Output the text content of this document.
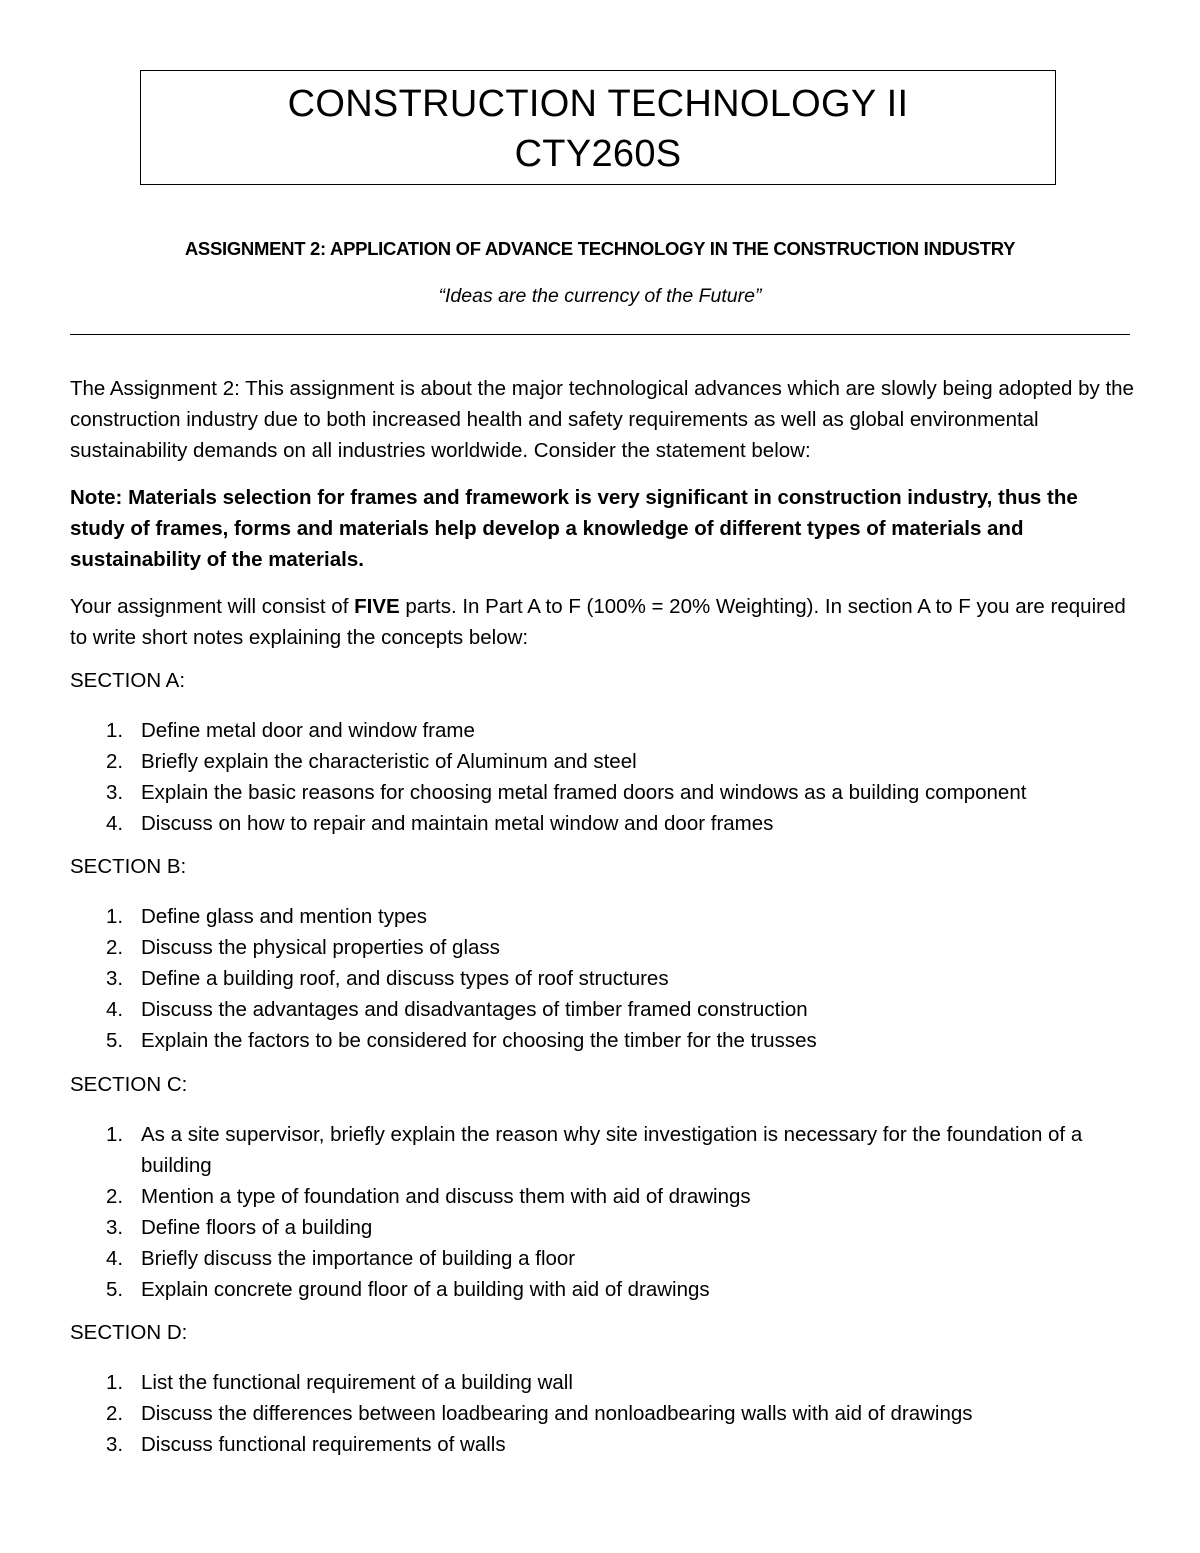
CONSTRUCTION TECHNOLOGY II
CTY260S
ASSIGNMENT 2: APPLICATION OF ADVANCE TECHNOLOGY IN THE CONSTRUCTION INDUSTRY
“Ideas are the currency of the Future”
The Assignment 2: This assignment is about the major technological advances which are slowly being adopted by the construction industry due to both increased health and safety requirements as well as global environmental sustainability demands on all industries worldwide. Consider the statement below:
Note: Materials selection for frames and framework is very significant in construction industry, thus the study of frames, forms and materials help develop a knowledge of different types of materials and sustainability of the materials.
Your assignment will consist of FIVE parts. In Part A to F (100% = 20% Weighting). In section A to F you are required to write short notes explaining the concepts below:
SECTION A:
1. Define metal door and window frame
2. Briefly explain the characteristic of Aluminum and steel
3. Explain the basic reasons for choosing metal framed doors and windows as a building component
4. Discuss on how to repair and maintain metal window and door frames
SECTION B:
1. Define glass and mention types
2. Discuss the physical properties of glass
3. Define a building roof, and discuss types of roof structures
4. Discuss the advantages and disadvantages of timber framed construction
5. Explain the factors to be considered for choosing the timber for the trusses
SECTION C:
1. As a site supervisor, briefly explain the reason why site investigation is necessary for the foundation of a building
2. Mention a type of foundation and discuss them with aid of drawings
3. Define floors of a building
4. Briefly discuss the importance of building a floor
5. Explain concrete ground floor of a building with aid of drawings
SECTION D:
1. List the functional requirement of a building wall
2. Discuss the differences between loadbearing and nonloadbearing walls with aid of drawings
3. Discuss functional requirements of walls
